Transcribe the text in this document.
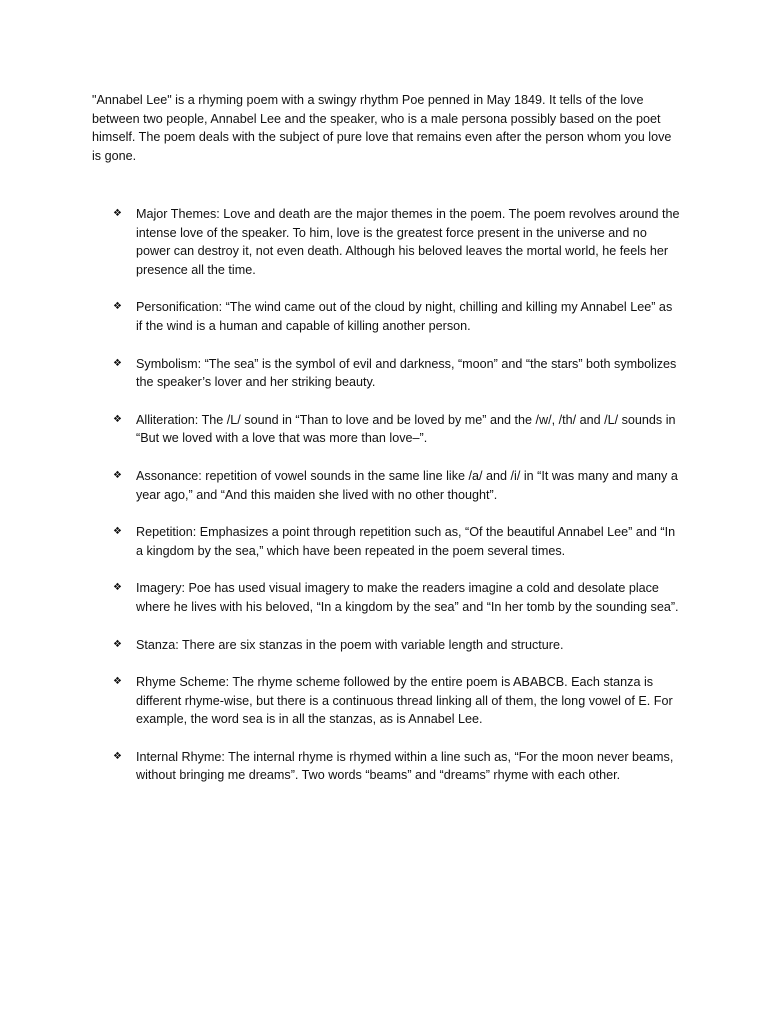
"Annabel Lee" is a rhyming poem with a swingy rhythm Poe penned in May 1849. It tells of the love between two people, Annabel Lee and the speaker, who is a male persona possibly based on the poet himself. The poem deals with the subject of pure love that remains even after the person whom you love is gone.

❖ Major Themes: Love and death are the major themes in the poem. The poem revolves around the intense love of the speaker. To him, love is the greatest force present in the universe and no power can destroy it, not even death. Although his beloved leaves the mortal world, he feels her presence all the time.
❖ Personification: “The wind came out of the cloud by night, chilling and killing my Annabel Lee” as if the wind is a human and capable of killing another person.
❖ Symbolism: “The sea” is the symbol of evil and darkness, “moon” and “the stars” both symbolizes the speaker’s lover and her striking beauty.
❖ Alliteration: The /L/ sound in “Than to love and be loved by me” and the /w/, /th/ and /L/ sounds in “But we loved with a love that was more than love–”.
❖ Assonance: repetition of vowel sounds in the same line like /a/ and /i/ in “It was many and many a year ago,” and “And this maiden she lived with no other thought”.
❖ Repetition: Emphasizes a point through repetition such as, “Of the beautiful Annabel Lee” and “In a kingdom by the sea,” which have been repeated in the poem several times.
❖ Imagery: Poe has used visual imagery to make the readers imagine a cold and desolate place where he lives with his beloved, “In a kingdom by the sea” and “In her tomb by the sounding sea”.
❖ Stanza: There are six stanzas in the poem with variable length and structure.
❖ Rhyme Scheme: The rhyme scheme followed by the entire poem is ABABCB. Each stanza is different rhyme-wise, but there is a continuous thread linking all of them, the long vowel of E. For example, the word sea is in all the stanzas, as is Annabel Lee.
❖ Internal Rhyme: The internal rhyme is rhymed within a line such as, “For the moon never beams, without bringing me dreams”. Two words “beams” and “dreams” rhyme with each other.
